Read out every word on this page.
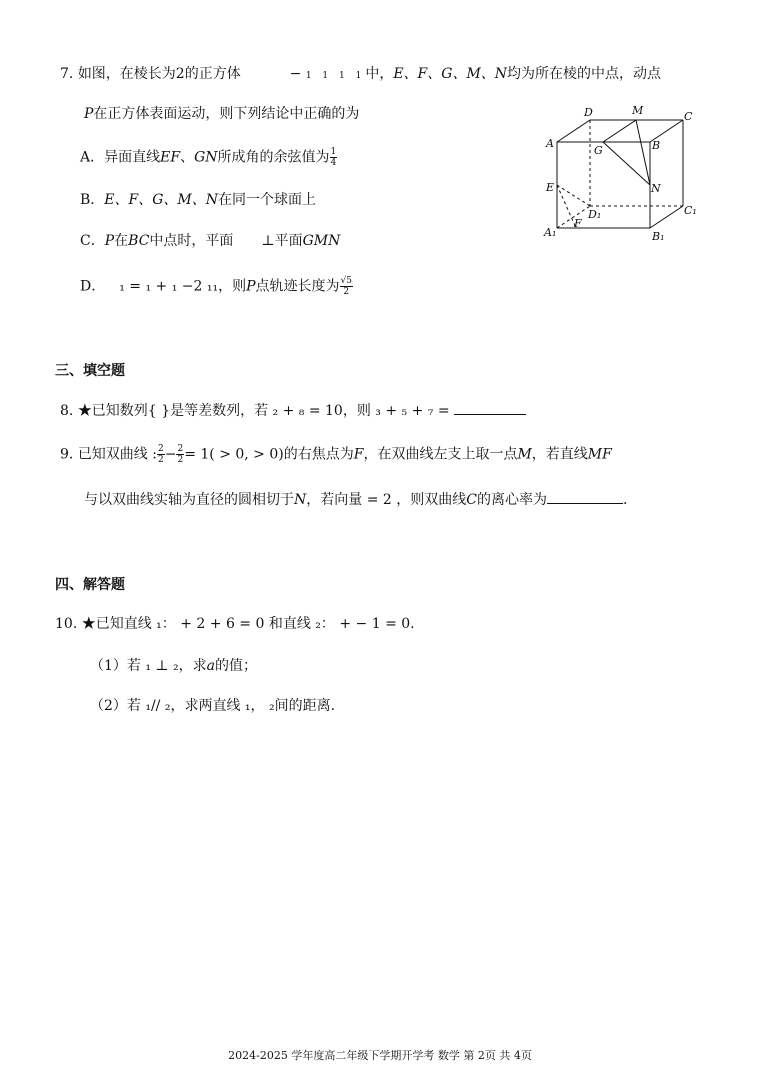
7. 如图，在棱长为2的正方体	− 1 1 1 1中，E、F、G、M、N均为所在棱的中点，动点
P在正方体表面运动，则下列结论中正确的为
A．异面直线EF、GN所成角的余弦值为 $\frac{1}{4}$
B．E、F、G、M、N在同一个球面上
C．P在BC中点时，平面 ⊥平面GMN
D． ₁ = ₁ + ₁ −2 ₁₁，则P点轨迹长度为 $\frac{√5}{2}$
D	M	C
A
G	B
E	N
D₁	C₁
A₁
F
B₁
三、填空题
8. ★已知数列{ }是等差数列，若 ₂ + ₈ = 10，则 ₃ + ₅ + ₇ =
9. 已知双曲线 : $\frac{2}{2} - \frac{2}{2} = 1( > 0$, > 0)的右焦点为F，在双曲线左支上取一点M，若直线MF
与以双曲线实轴为直径的圆相切于N，若向量 = 2 ，则双曲线C的离心率为	.
四、解答题
10. ★已知直线 ₁： + 2 + 6 = 0 和直线 ₂： + − 1 = 0.
（1）若 ₁ ⊥ ₂，求a的值；
（2）若 ₁// ₂，求两直线 ₁， ₂间的距离.
2024-2025 学年度高二年级下学期开学考 数学 第 2页 共 4页
